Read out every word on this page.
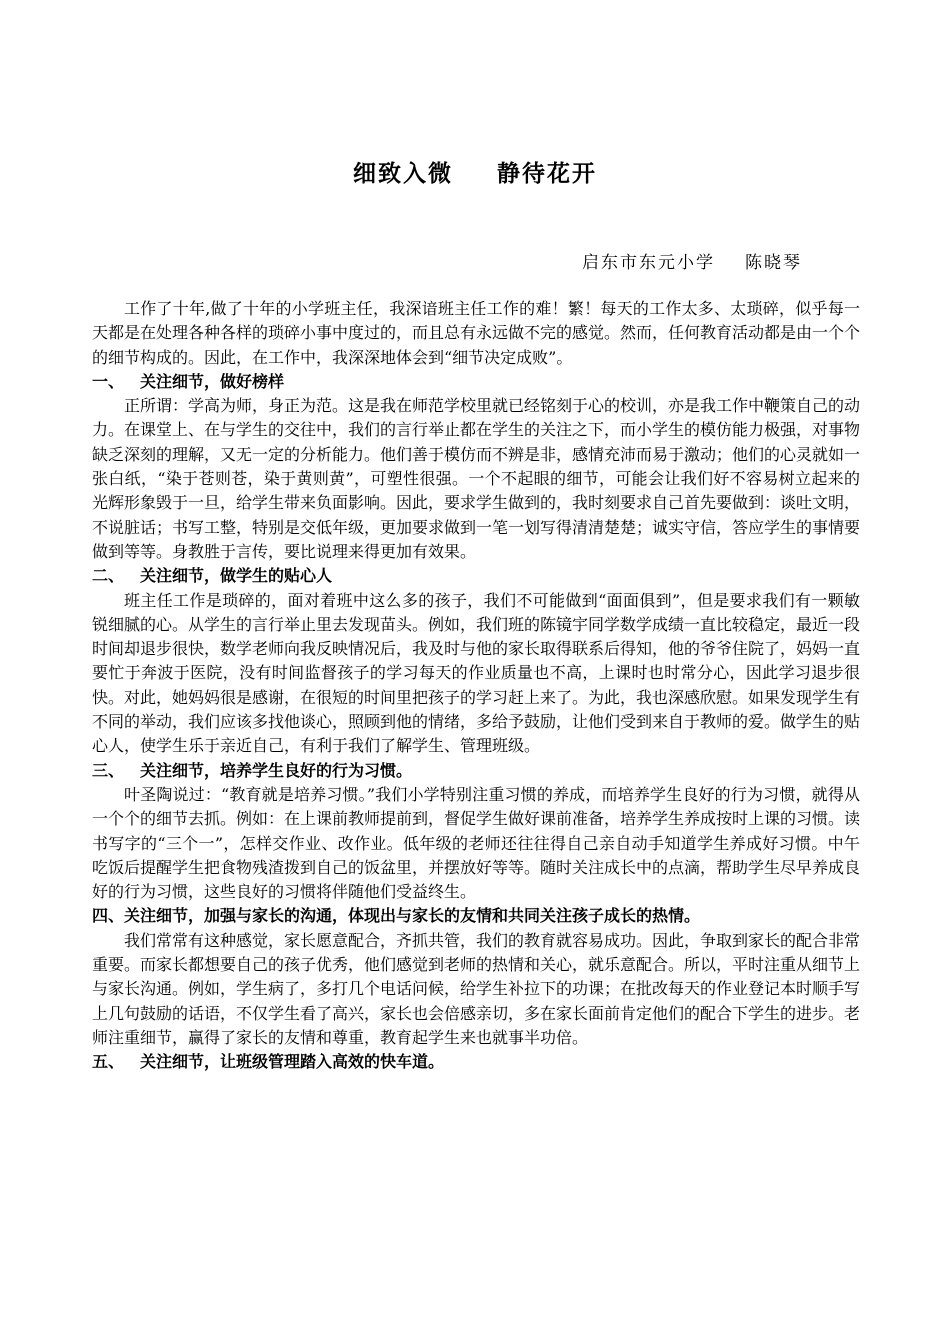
细致入微 静待花开
启东市东元小学 陈晓琴

工作了十年,做了十年的小学班主任，我深谙班主任工作的难！繁！每天的工作太多、太琐碎，似乎每一天都是在处理各种各样的琐碎小事中度过的，而且总有永远做不完的感觉。然而，任何教育活动都是由一个个的细节构成的。因此，在工作中，我深深地体会到“细节决定成败”。

一、 关注细节，做好榜样

正所谓：学高为师，身正为范。这是我在师范学校里就已经铭刻于心的校训，亦是我工作中鞭策自己的动力。在课堂上、在与学生的交往中，我们的言行举止都在学生的关注之下，而小学生的模仿能力极强，对事物缺乏深刻的理解，又无一定的分析能力。他们善于模仿而不辨是非，感情充沛而易于激动；他们的心灵就如一张白纸，“染于苍则苍，染于黄则黄”，可塑性很强。一个不起眼的细节，可能会让我们好不容易树立起来的光辉形象毁于一旦，给学生带来负面影响。因此，要求学生做到的，我时刻要求自己首先要做到：谈吐文明，不说脏话；书写工整，特别是交低年级，更加要求做到一笔一划写得清清楚楚；诚实守信，答应学生的事情要做到等等。身教胜于言传，要比说理来得更加有效果。

二、 关注细节，做学生的贴心人

班主任工作是琐碎的，面对着班中这么多的孩子，我们不可能做到“面面俱到”，但是要求我们有一颗敏锐细腻的心。从学生的言行举止里去发现苗头。例如，我们班的陈镜宇同学数学成绩一直比较稳定，最近一段时间却退步很快，数学老师向我反映情况后，我及时与他的家长取得联系后得知，他的爷爷住院了，妈妈一直要忙于奔波于医院，没有时间监督孩子的学习每天的作业质量也不高，上课时也时常分心，因此学习退步很快。对此，她妈妈很是感谢，在很短的时间里把孩子的学习赶上来了。为此，我也深感欣慰。如果发现学生有不同的举动，我们应该多找他谈心，照顾到他的情绪，多给予鼓励，让他们受到来自于教师的爱。做学生的贴心人，使学生乐于亲近自己，有利于我们了解学生、管理班级。

三、 关注细节，培养学生良好的行为习惯。

叶圣陶说过：“教育就是培养习惯。”我们小学特别注重习惯的养成，而培养学生良好的行为习惯，就得从一个个的细节去抓。例如：在上课前教师提前到，督促学生做好课前准备，培养学生养成按时上课的习惯。读书写字的“三个一”，怎样交作业、改作业。低年级的老师还往往得自己亲自动手知道学生养成好习惯。中午吃饭后提醒学生把食物残渣拨到自己的饭盆里，并摆放好等等。随时关注成长中的点滴，帮助学生尽早养成良好的行为习惯，这些良好的习惯将伴随他们受益终生。

四、关注细节，加强与家长的沟通，体现出与家长的友情和共同关注孩子成长的热情。

我们常常有这种感觉，家长愿意配合，齐抓共管，我们的教育就容易成功。因此，争取到家长的配合非常重要。而家长都想要自己的孩子优秀，他们感觉到老师的热情和关心，就乐意配合。所以，平时注重从细节上与家长沟通。例如，学生病了，多打几个电话问候，给学生补拉下的功课；在批改每天的作业登记本时顺手写上几句鼓励的话语，不仅学生看了高兴，家长也会倍感亲切，多在家长面前肯定他们的配合下学生的进步。老师注重细节，赢得了家长的友情和尊重，教育起学生来也就事半功倍。

五、 关注细节，让班级管理踏入高效的快车道。
